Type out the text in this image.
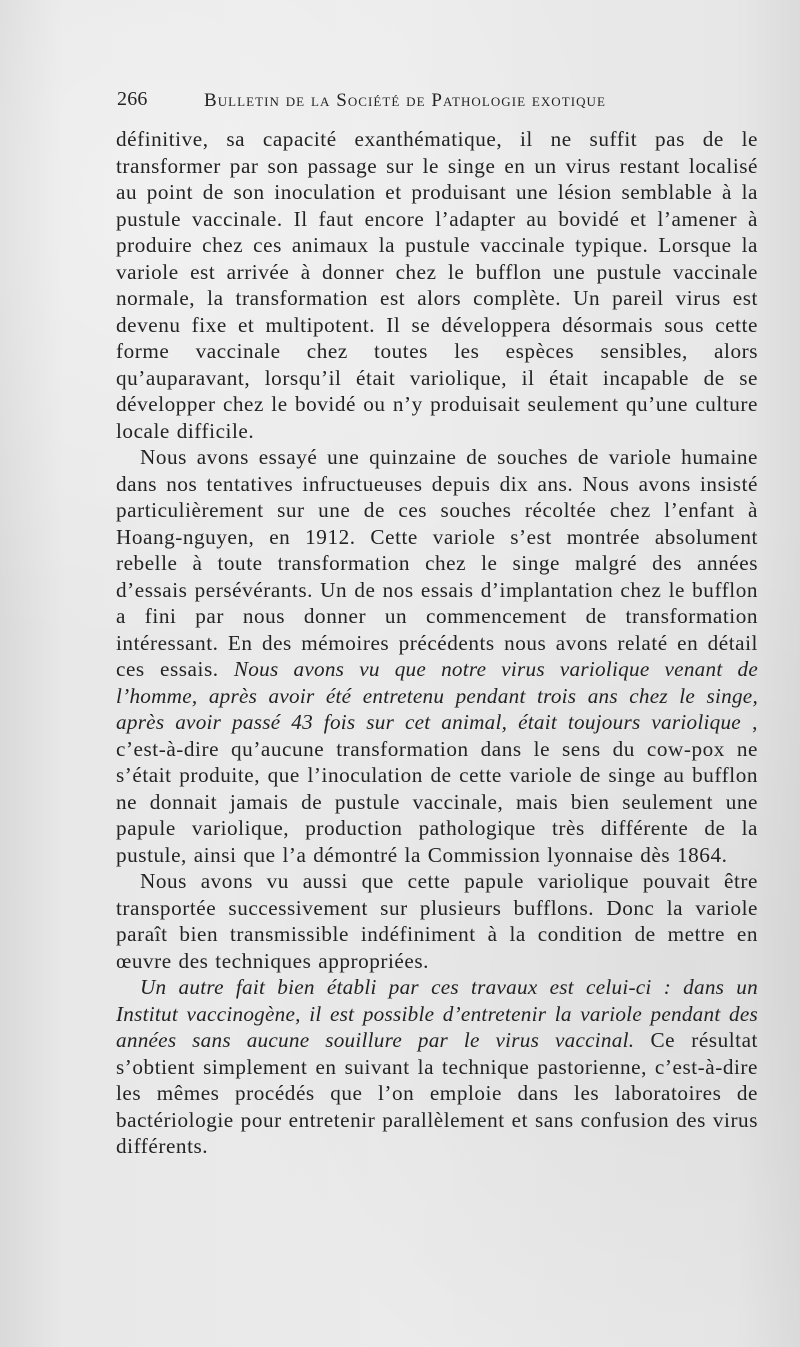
266	Bulletin de la Société de Pathologie exotique

définitive, sa capacité exanthématique, il ne suffit pas de le transformer par son passage sur le singe en un virus restant localisé au point de son inoculation et produisant une lésion semblable à la pustule vaccinale. Il faut encore l’adapter au bovidé et l’amener à produire chez ces animaux la pustule vaccinale typique. Lorsque la variole est arrivée à donner chez le bufflon une pustule vaccinale normale, la transformation est alors complète. Un pareil virus est devenu fixe et multipotent. Il se développera désormais sous cette forme vaccinale chez toutes les espèces sensibles, alors qu’auparavant, lorsqu’il était variolique, il était incapable de se développer chez le bovidé ou n’y produisait seulement qu’une culture locale difficile.

Nous avons essayé une quinzaine de souches de variole humaine dans nos tentatives infructueuses depuis dix ans. Nous avons insisté particulièrement sur une de ces souches récoltée chez l’enfant à Hoang-nguyen, en 1912. Cette variole s’est montrée absolument rebelle à toute transformation chez le singe malgré des années d’essais persévérants. Un de nos essais d’implantation chez le bufflon a fini par nous donner un commencement de transformation intéressant. En des mémoires précédents nous avons relaté en détail ces essais. Nous avons vu que notre virus variolique venant de l’homme, après avoir été entretenu pendant trois ans chez le singe, après avoir passé 43 fois sur cet animal, était toujours variolique , c’est-à-dire qu’aucune transformation dans le sens du cow-pox ne s’était produite, que l’inoculation de cette variole de singe au bufflon ne donnait jamais de pustule vaccinale, mais bien seulement une papule variolique, production pathologique très différente de la pustule, ainsi que l’a démontré la Commission lyonnaise dès 1864.

Nous avons vu aussi que cette papule variolique pouvait être transportée successivement sur plusieurs bufflons. Donc la variole paraît bien transmissible indéfiniment à la condition de mettre en œuvre des techniques appropriées.

Un autre fait bien établi par ces travaux est celui-ci : dans un Institut vaccinogène, il est possible d’entretenir la variole pendant des années sans aucune souillure par le virus vaccinal. Ce résultat s’obtient simplement en suivant la technique pastorienne, c’est-à-dire les mêmes procédés que l’on emploie dans les laboratoires de bactériologie pour entretenir parallèlement et sans confusion des virus différents.
